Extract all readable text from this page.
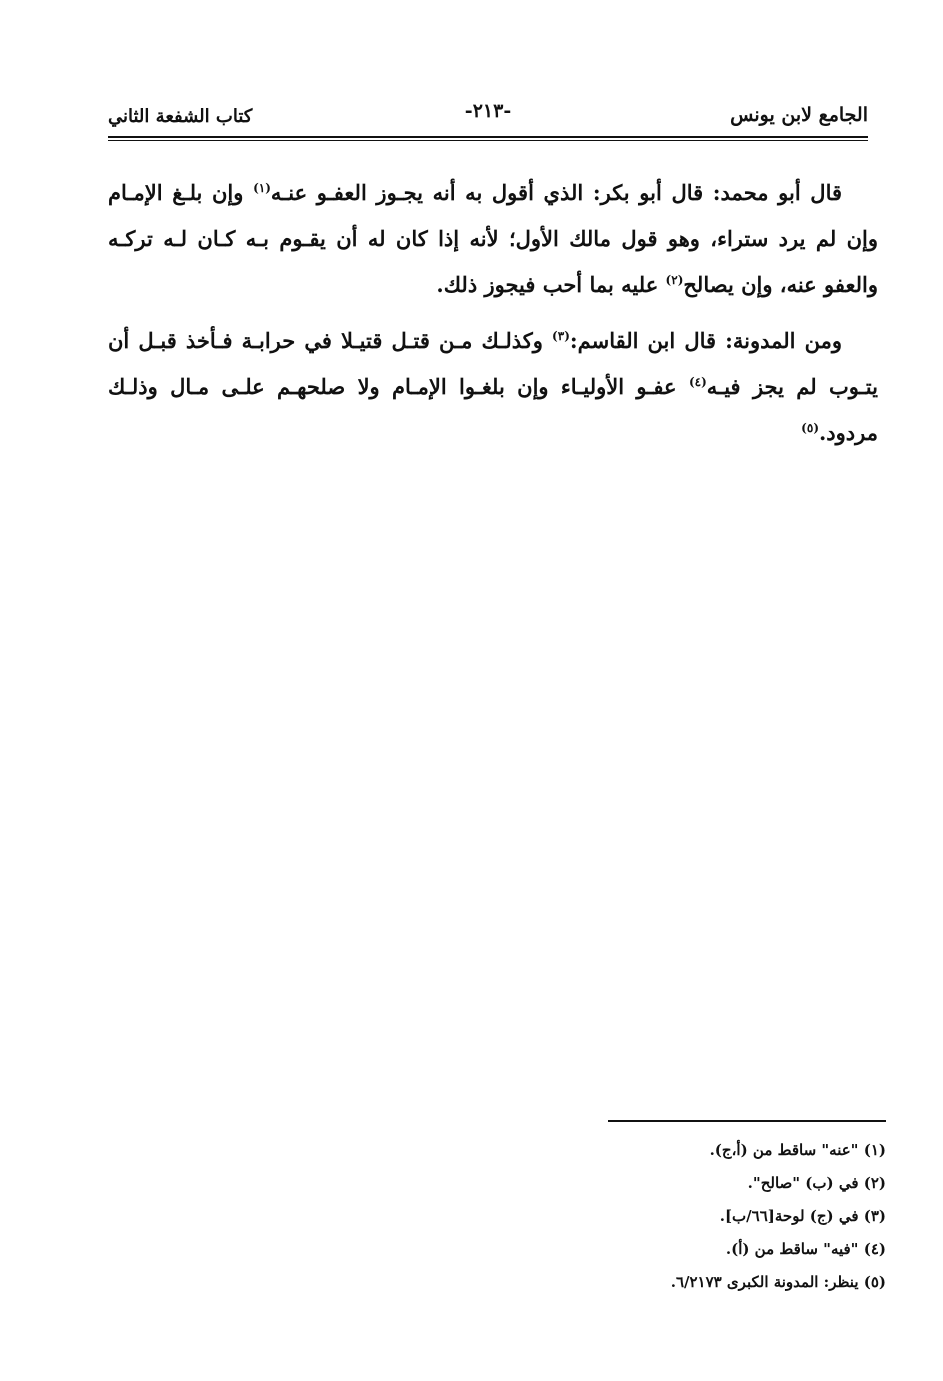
الجامع لابن يونس
-٢١٣-
كتاب الشفعة الثاني

قال أبو محمد: قال أبو بكر: الذي أقول به أنه يجـوز العفـو عنـه$^{(١)}$ وإن بلـغ الإمـام وإن لم يرد ستراء، وهو قول مالك الأول؛ لأنه إذا كان له أن يقـوم بـه كـان لـه تركـه والعفو عنه، وإن يصالح$^{(٢)}$ عليه بما أحب فيجوز ذلك.

ومن المدونة: قال ابن القاسم:$^{(٣)}$ وكذلـك مـن قتـل قتيـلا في حرابـة فـأخذ قبـل أن يتـوب لم يجز فيـه$^{(٤)}$ عفـو الأوليـاء وإن بلغـوا الإمـام ولا صلحهـم علـى مـال وذلـك مردود.$^{(٥)}$

(١) "عنه" ساقط من (أ،ج).
(٢) في (ب) "صالح".
(٣) في (ج) لوحة[٦٦/ب].
(٤) "فيه" ساقط من (أ).
(٥) ينظر: المدونة الكبرى ٦/٢١٧٣.
